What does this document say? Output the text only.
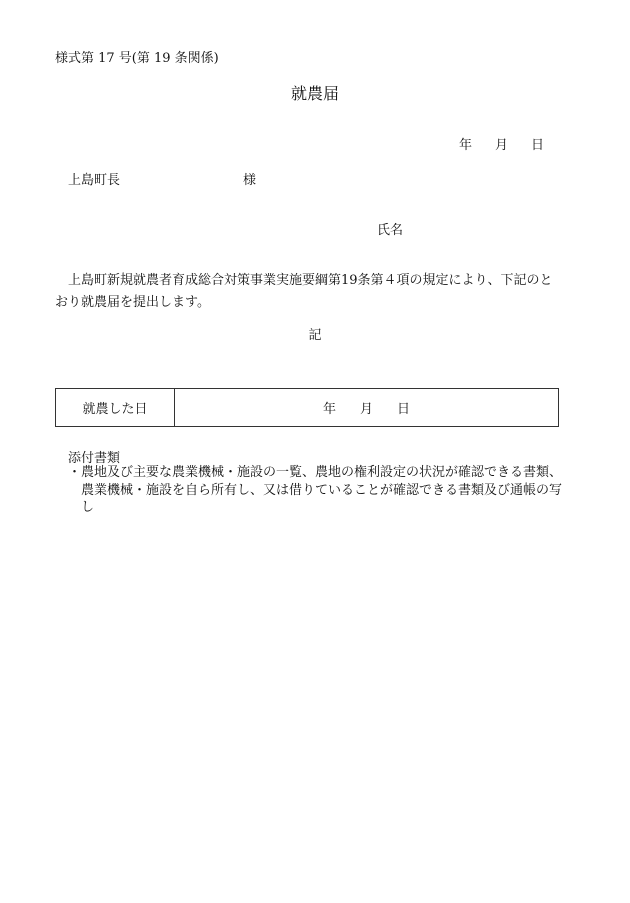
様式第 17 号(第 19 条関係)
就農届
年 月 日
上島町長	様
氏名
上島町新規就農者育成総合対策事業実施要綱第19条第４項の規定により、下記のとおり就農届を提出します。
記
就農した日	年 月 日
添付書類
・農地及び主要な農業機械・施設の一覧、農地の権利設定の状況が確認できる書類、農業機械・施設を自ら所有し、又は借りていることが確認できる書類及び通帳の写し
